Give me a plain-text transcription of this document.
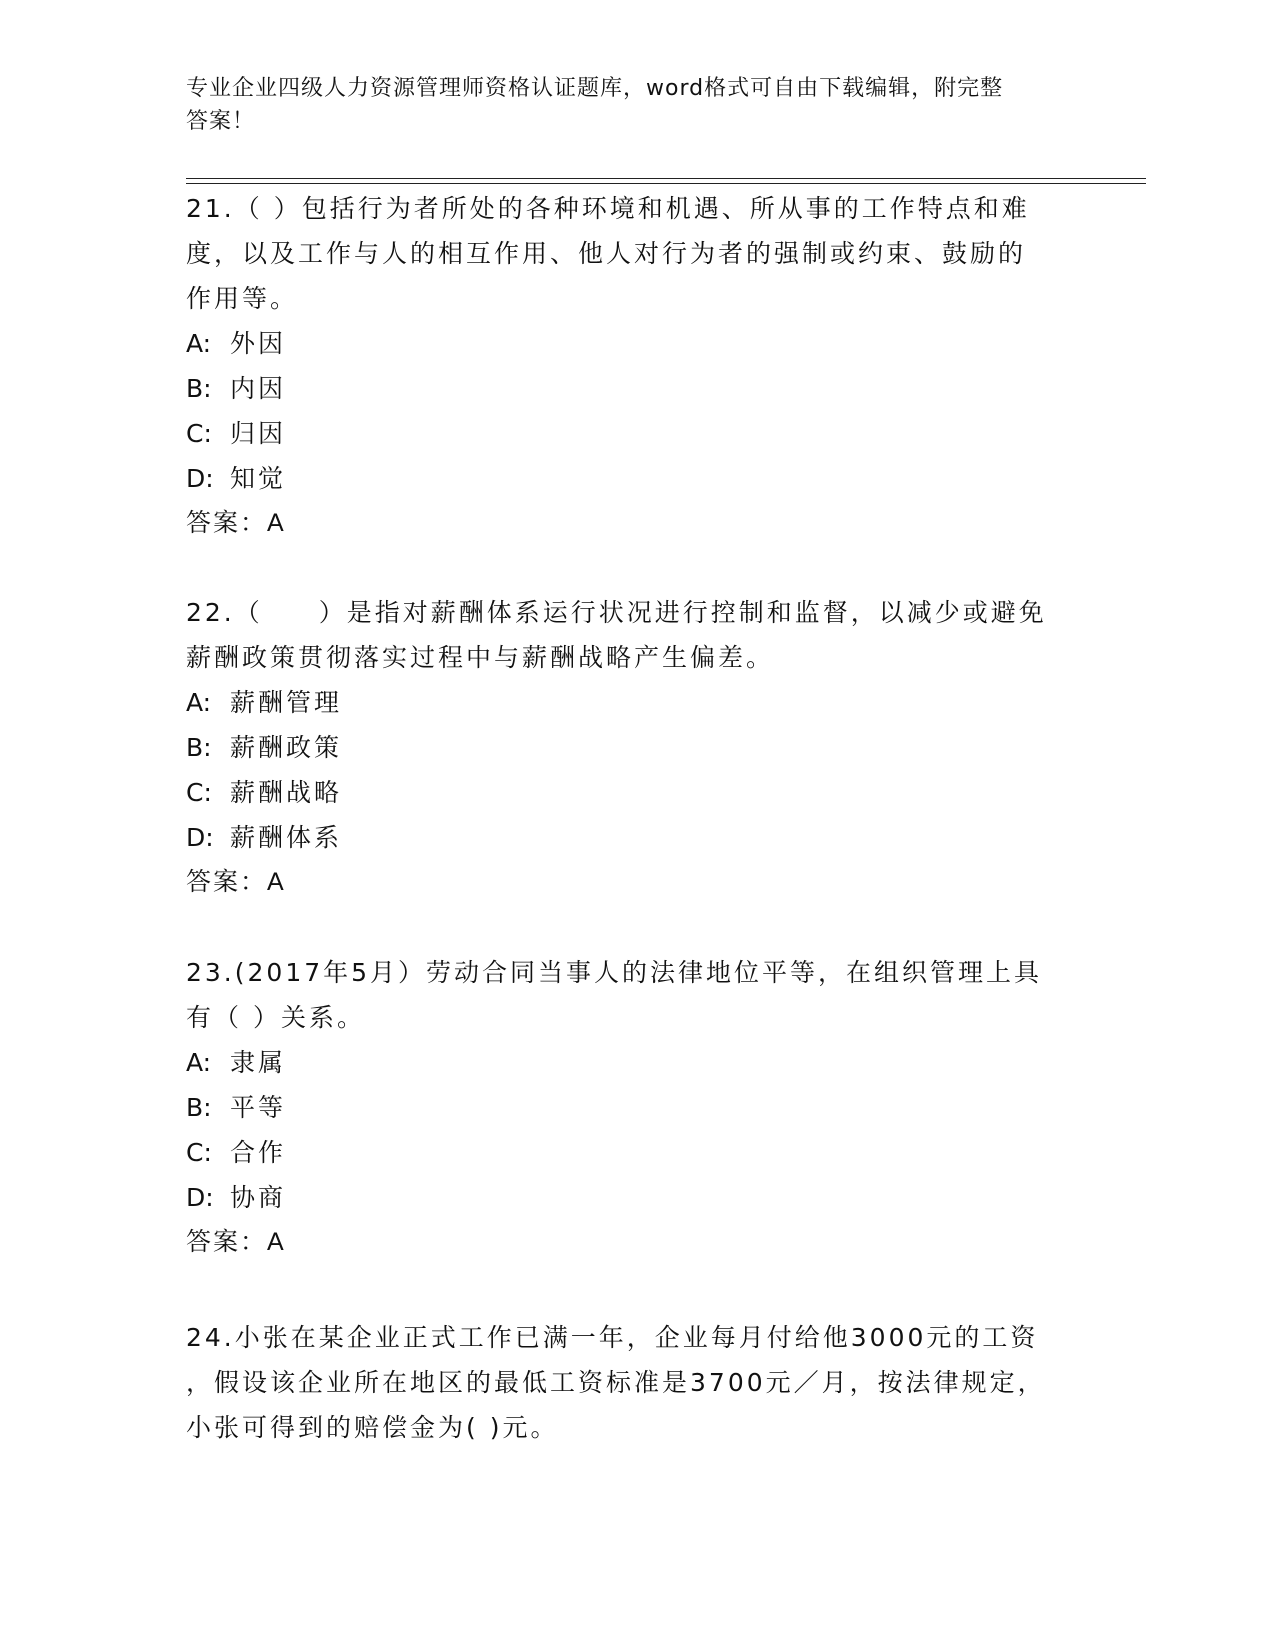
专业企业四级人力资源管理师资格认证题库，word格式可自由下载编辑，附完整
答案！

21.（ ）包括行为者所处的各种环境和机遇、所从事的工作特点和难

度，以及工作与人的相互作用、他人对行为者的强制或约束、鼓励的

作用等。

A: 外因

B: 内因

C: 归因

D: 知觉

答案：A

22.（　　）是指对薪酬体系运行状况进行控制和监督，以减少或避免

薪酬政策贯彻落实过程中与薪酬战略产生偏差。

A: 薪酬管理

B: 薪酬政策

C: 薪酬战略

D: 薪酬体系

答案：A

23.(2017年5月）劳动合同当事人的法律地位平等，在组织管理上具

有（ ）关系。

A: 隶属

B: 平等

C: 合作

D: 协商

答案：A

24.小张在某企业正式工作已满一年，企业每月付给他3000元的工资

，假设该企业所在地区的最低工资标准是3700元／月，按法律规定，

小张可得到的赔偿金为( )元。
